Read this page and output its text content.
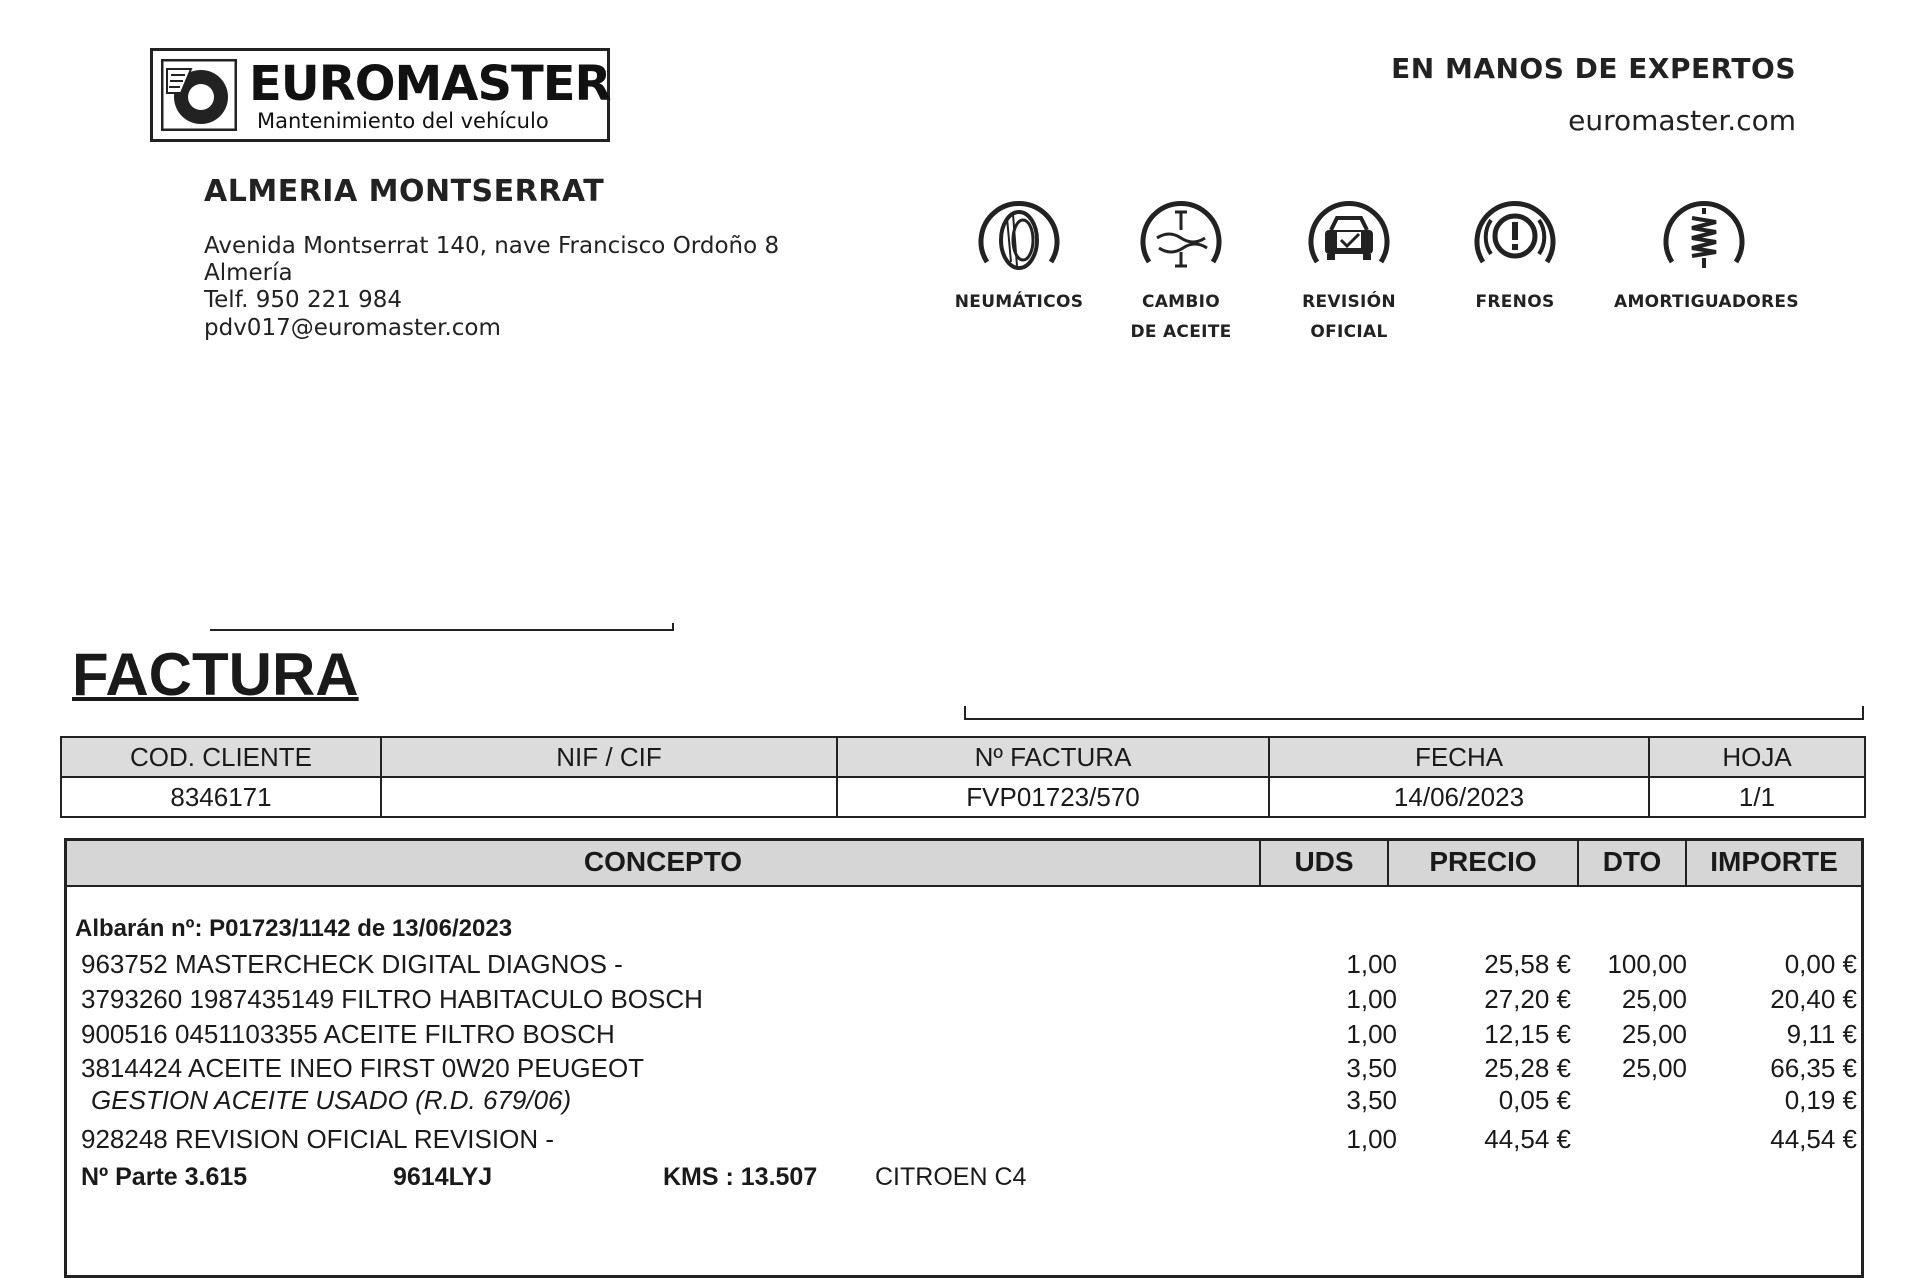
EUROMASTER
Mantenimiento del vehículo
EN MANOS DE EXPERTOS
euromaster.com
ALMERIA MONTSERRAT
Avenida Montserrat 140, nave Francisco Ordoño 8
Almería
Telf. 950 221 984
pdv017@euromaster.com
NEUMÁTICOS	CAMBIO
DE ACEITE
REVISIÓN
OFICIAL
FRENOS	AMORTIGUADORES
FACTURA
COD. CLIENTE	NIF / CIF	Nº FACTURA	FECHA	HOJA
8346171		FVP01723/570	14/06/2023	1/1
CONCEPTO	UDS	PRECIO	DTO	IMPORTE
Albarán nº: P01723/1142 de 13/06/2023
963752 MASTERCHECK DIGITAL DIAGNOS -	1,00	25,58 € 100,00	0,00 €
3793260 1987435149 FILTRO HABITACULO BOSCH	1,00	27,20 € 25,00	20,40 €
900516 0451103355 ACEITE FILTRO BOSCH	1,00	12,15 € 25,00	9,11 €
3814424 ACEITE INEO FIRST 0W20 PEUGEOT	3,50	25,28 € 25,00	66,35 €
GESTION ACEITE USADO (R.D. 679/06)	3,50	0,05 €	0,19 €
928248 REVISION OFICIAL REVISION -	1,00	44,54 €	44,54 €
Nº Parte 3.615	9614LYJ	KMS : 13.507 CITROEN C4
